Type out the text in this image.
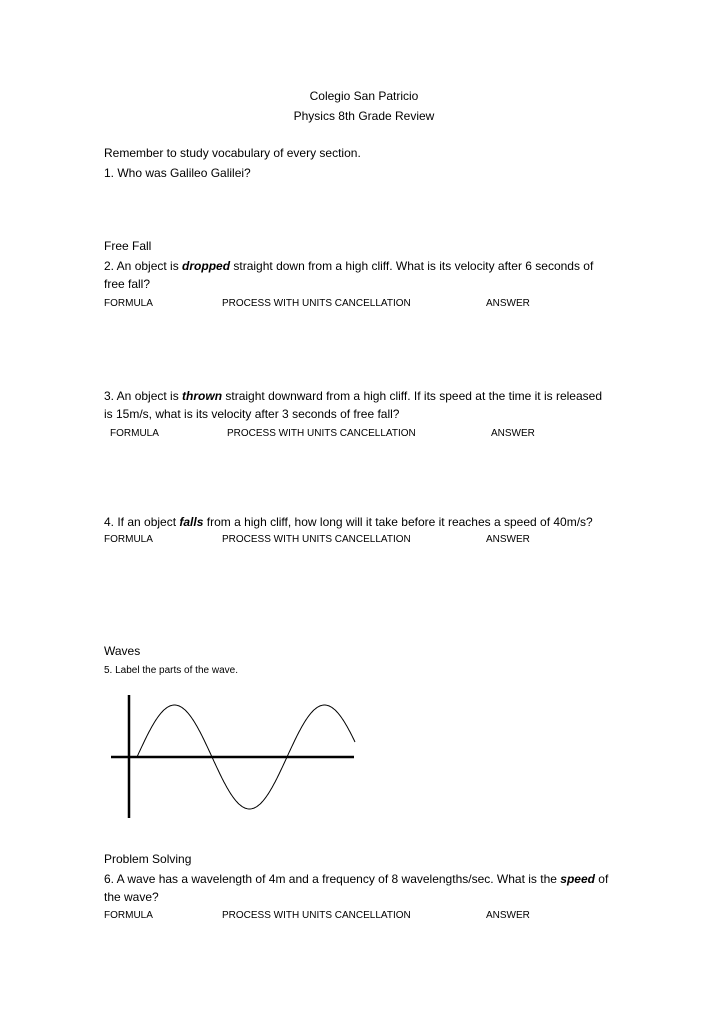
Colegio San Patricio
Physics 8th Grade Review
Remember to study vocabulary of every section.
1. Who was Galileo Galilei?
Free Fall
2. An object is dropped straight down from a high cliff. What is its velocity after 6 seconds of
free fall?
FORMULA	PROCESS WITH UNITS CANCELLATION	ANSWER
3. An object is thrown straight downward from a high cliff. If its speed at the time it is released
is 15m/s, what is its velocity after 3 seconds of free fall?
FORMULA	PROCESS WITH UNITS CANCELLATION	ANSWER
4. If an object falls from a high cliff, how long will it take before it reaches a speed of 40m/s?
FORMULA	PROCESS WITH UNITS CANCELLATION	ANSWER
Waves
5. Label the parts of the wave.
Problem Solving
6. A wave has a wavelength of 4m and a frequency of 8 wavelengths/sec. What is the speed of
the wave?
FORMULA	PROCESS WITH UNITS CANCELLATION	ANSWER
